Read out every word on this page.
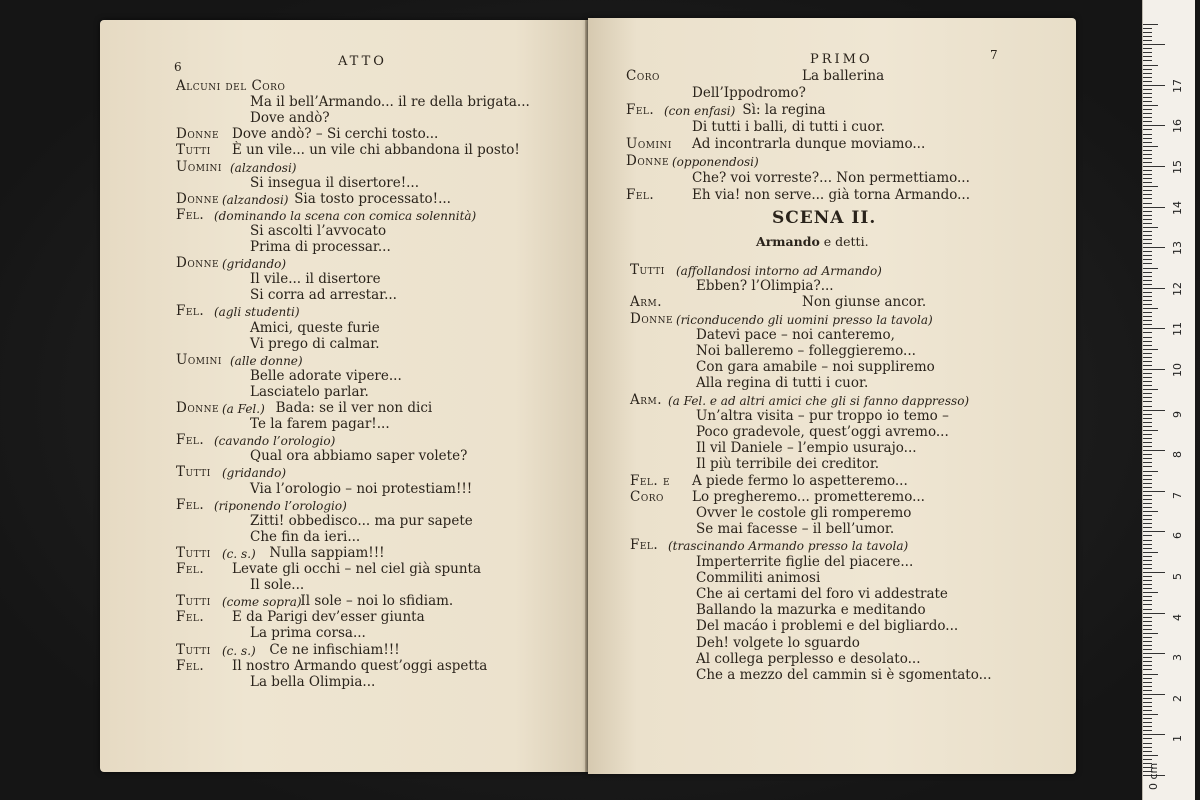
6	ATTO
Alcuni del Coro
Ma il bell’Armando... il re della brigata...
Dove andò?
Donne Dove andò? – Si cerchi tosto...
Tutti È un vile... un vile chi abbandona il posto!
Uomini (alzandosi)
Si insegua il disertore!...
Donne (alzandosi) Sia tosto processato!...
Fel. (dominando la scena con comica solennità)
Si ascolti l’avvocato
Prima di processar...
Donne (gridando)
Il vile... il disertore
Si corra ad arrestar...
Fel. (agli studenti)
Amici, queste furie
Vi prego di calmar.
Uomini (alle donne)
Belle adorate vipere...
Lasciatelo parlar.
Donne (a Fel.) Bada: se il ver non dici
Te la farem pagar!...
Fel. (cavando l’orologio)
Qual ora abbiamo saper volete?
Tutti (gridando)
Via l’orologio – noi protestiam!!!
Fel. (riponendo l’orologio)
Zitti! obbedisco... ma pur sapete
Che fin da ieri...
Tutti (c. s.) Nulla sappiam!!!
Fel. Levate gli occhi – nel ciel già spunta
Il sole...
Tutti (come sopra)
Il sole – noi lo sfidiam.
Fel. E da Parigi dev’esser giunta
La prima corsa...
Tutti (c. s.) Ce ne infischiam!!!
Fel. Il nostro Armando quest’oggi aspetta
La bella Olimpia...
PRIMO	7
Coro	La ballerina
Dell’Ippodromo?
Fel. (con enfasi) Sì: la regina
Di tutti i balli, di tutti i cuor.
Uomini Ad incontrarla dunque moviamo...
Donne (opponendosi)
Che? voi vorreste?... Non permettiamo...
Fel.	Eh via! non serve... già torna Armando...
SCENA II.
Armando e detti.
Tutti (affollandosi intorno ad Armando)
Ebben? l’Olimpia?...
Arm.	Non giunse ancor.
Donne (riconducendo gli uomini presso la tavola)
Datevi pace – noi canteremo,
Noi balleremo – folleggieremo...
Con gara amabile – noi suppliremo
Alla regina di tutti i cuor.
Arm. (a Fel. e ad altri amici che gli si fanno dappresso)
Un’altra visita – pur troppo io temo –
Poco gradevole, quest’oggi avremo...
Il vil Daniele – l’empio usurajo...
Il più terribile dei creditor.
Fel. e A piede fermo lo aspetteremo...
Coro Lo pregheremo... prometteremo...
Ovver le costole gli romperemo
Se mai facesse – il bell’umor.
Fel. (trascinando Armando presso la tavola)
Imperterrite figlie del piacere...
Commiliti animosi
Che ai certami del foro vi addestrate
Ballando la mazurka e meditando
Del macáo i problemi e del bigliardo...
Deh! volgete lo sguardo
Al collega perplesso e desolato...
Che a mezzo del cammin si è sgomentato...
0 cm
1
2
3
4
5
6
7
8
9
10
11
12
13
14
15
16
17
